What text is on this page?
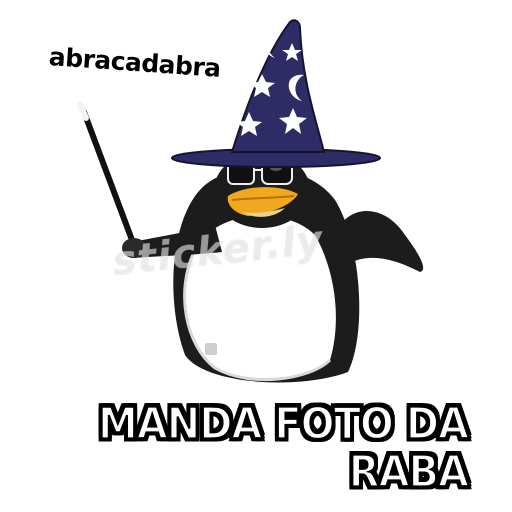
abracadabra
sticker.ly
MANDA FOTO DA
RABA
